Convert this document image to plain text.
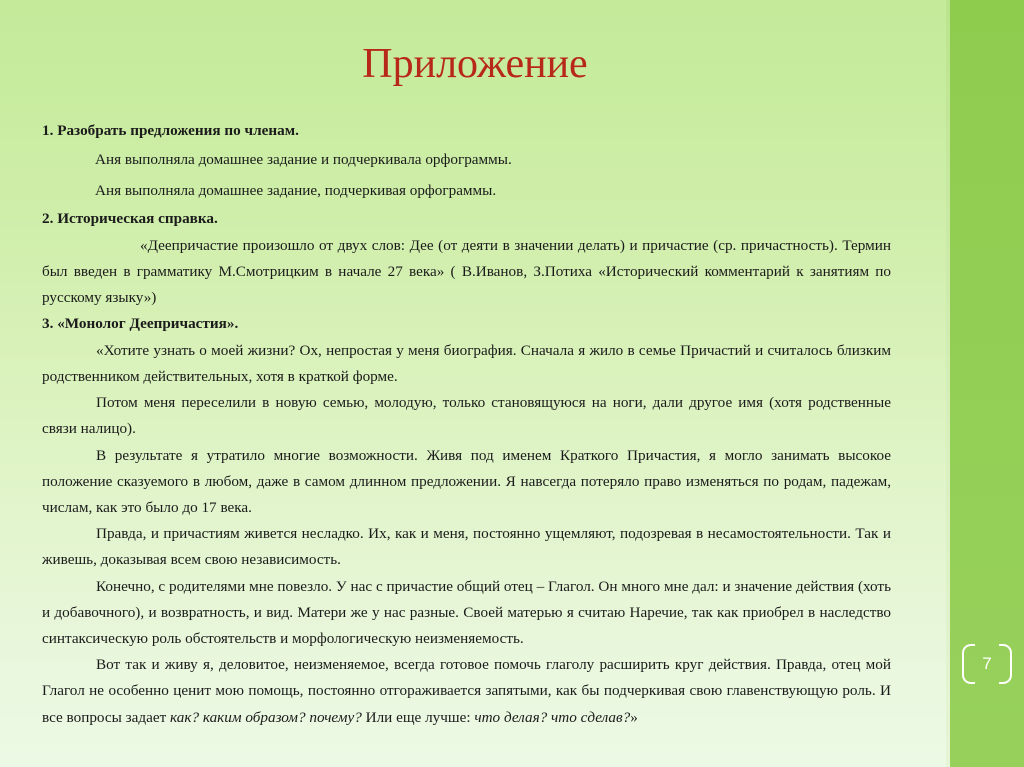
7
Приложение

1. Разобрать предложения по членам.

Аня выполняла домашнее задание и подчеркивала орфограммы.

Аня выполняла домашнее задание, подчеркивая орфограммы.

2. Историческая справка.

«Деепричастие произошло от двух слов: Дее (от деяти в значении делать) и причастие (ср. причастность). Термин был введен в грамматику М.Смотрицким в начале 27 века» ( В.Иванов, З.Потиха «Исторический комментарий к занятиям по русскому языку»)

3. «Монолог Деепричастия».

«Хотите узнать о моей жизни? Ох, непростая у меня биография. Сначала я жило в семье Причастий и считалось близким родственником действительных, хотя в краткой форме.

Потом меня переселили в новую семью, молодую, только становящуюся на ноги, дали другое имя (хотя родственные связи налицо).

В результате я утратило многие возможности. Живя под именем Краткого Причастия, я могло занимать высокое положение сказуемого в любом, даже в самом длинном предложении. Я навсегда потеряло право изменяться по родам, падежам, числам, как это было до 17 века.

Правда, и причастиям живется несладко. Их, как и меня, постоянно ущемляют, подозревая в несамостоятельности. Так и живешь, доказывая всем свою независимость.

Конечно, с родителями мне повезло. У нас с причастие общий отец – Глагол. Он много мне дал: и значение действия (хоть и добавочного), и возвратность, и вид. Матери же у нас разные. Своей матерью я считаю Наречие, так как приобрел в наследство синтаксическую роль обстоятельств и морфологическую неизменяемость.

Вот так и живу я, деловитое, неизменяемое, всегда готовое помочь глаголу расширить круг действия. Правда, отец мой Глагол не особенно ценит мою помощь, постоянно отгораживается запятыми, как бы подчеркивая свою главенствующую роль. И все вопросы задает как? каким образом? почему? Или еще лучше: что делая? что сделав?»
